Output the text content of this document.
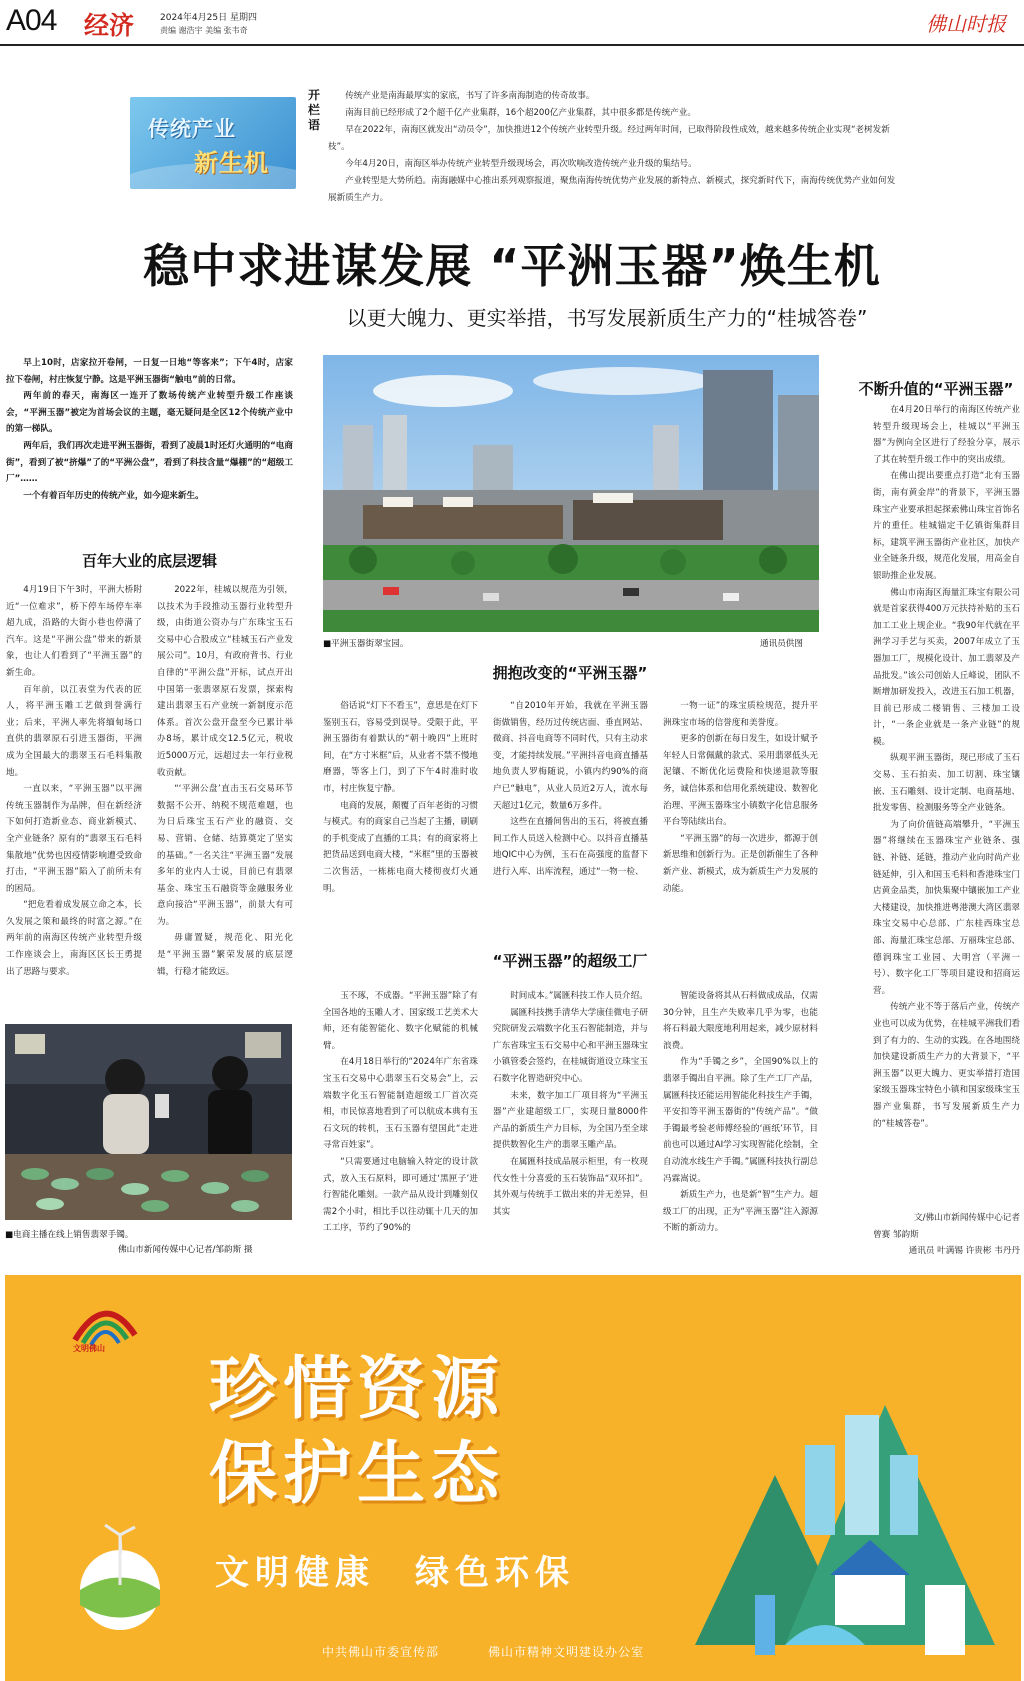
A04 经济	2024年4月25日 星期四
责编 谢浩宇 美编 张韦奇	佛山时报
传统产业
新生机
开栏语

传统产业是南海最厚实的家底，书写了许多南海制造的传奇故事。

南海目前已经形成了2个超千亿产业集群，16个超200亿产业集群，其中很多都是传统产业。

早在2022年，南海区就发出“动员令”，加快推进12个传统产业转型升级。经过两年时间，已取得阶段性成效，越来越多传统企业实现“老树发新枝”。

今年4月20日，南海区举办传统产业转型升级现场会，再次吹响改造传统产业升级的集结号。

产业转型是大势所趋。南海融媒中心推出系列观察报道，聚焦南海传统优势产业发展的新特点、新模式，探究新时代下，南海传统优势产业如何发展新质生产力。

稳中求进谋发展 “平洲玉器”焕生机
以更大魄力、更实举措，书写发展新质生产力的“桂城答卷”

早上10时，店家拉开卷闸，一日复一日地“等客来”；下午4时，店家拉下卷闸，村庄恢复宁静。这是平洲玉器街“触电”前的日常。

两年前的春天，南海区一连开了数场传统产业转型升级工作座谈会，“平洲玉器”被定为首场会议的主题，毫无疑问是全区12个传统产业中的第一梯队。

两年后，我们再次走进平洲玉器街，看到了凌晨1时还灯火通明的“电商街”，看到了被“挤爆”了的“平洲公盘”，看到了科技含量“爆棚”的“超级工厂”……

一个有着百年历史的传统产业，如今迎来新生。

百年大业的底层逻辑

4月19日下午3时，平洲大桥附近“一位难求”，桥下停车场停车率超九成，沿路的大街小巷也停满了汽车。这是“平洲公盘”带来的新景象，也让人们看到了“平洲玉器”的新生命。

百年前，以江表堂为代表的匠人，将平洲玉雕工艺做到誉满行业；后来，平洲人率先将缅甸场口直供的翡翠原石引进玉器街，平洲成为全国最大的翡翠玉石毛料集散地。

一直以来，“平洲玉器”以平洲传统玉器制作为品牌，但在新经济下如何打造新业态、商业新模式、全产业链条？原有的“翡翠玉石毛料集散地”优势也因疫情影响遭受致命打击，“平洲玉器”陷入了前所未有的困局。

“把危看着成发展立命之本，长久发展之策和最终的时富之源。”在两年前的南海区传统产业转型升级工作座谈会上，南海区区长王勇提出了思路与要求。

2022年，桂城以规范为引领，以技术为手段推动玉器行业转型升级，由街道公资办与广东珠宝玉石交易中心合股成立“桂城玉石产业发展公司”。10月，有政府背书、行业自律的“平洲公盘”开标，试点开出中国第一张翡翠原石发票，探索构建出翡翠玉石产业统一新制度示范体系。首次公盘开盘至今已累计举办8场，累计成交12.5亿元，税收近5000万元，远超过去一年行业税收贡献。

“‘平洲公盘’直击玉石交易环节数据不公开、纳税不规范难题，也为日后珠宝玉石产业的融资、交易、营销、仓储、结算奠定了坚实的基础。”一名关注“平洲玉器”发展多年的业内人士说，目前已有翡翠基金、珠宝玉石融资等金融服务业意向接洽“平洲玉器”，前景大有可为。

毋庸置疑，规范化、阳光化是“平洲玉器”繁荣发展的底层逻辑，行稳才能致远。

■平洲玉器街翠宝园。	通讯员供图
拥抱改变的“平洲玉器”

俗话说“灯下不看玉”，意思是在灯下鉴别玉石，容易受到误导。受限于此，平洲玉器街有着默认的“朝十晚四”上班时间，在“方寸米框”后，从业者不禁不慢地磨器，等客上门，到了下午4时准时收市，村庄恢复宁静。

电商的发展，颠覆了百年老街的习惯与模式。有的商家自己当起了主播，刷刷的手机变成了直播的工具；有的商家将上把货品送到电商大楼，“米框”里的玉器被二次售活，一栋栋电商大楼彻夜灯火通明。

“自2010年开始，我就在平洲玉器街做销售，经历过传统店面、垂直网站、微商、抖音电商等不同时代，只有主动求变，才能持续发展。”平洲抖音电商直播基地负责人罗梅随说，小镇内约90%的商户已“触电”，从业人员近2万人，流水每天超过1亿元，数量6万多件。

这些在直播间售出的玉石，将被直播间工作人员送入检测中心。以抖音直播基地QIC中心为例，玉石在高强度的监督下进行入库、出库流程，通过“一物一检、

一物一证”的珠宝质检规范，提升平洲珠宝市场的信誉度和美誉度。

更多的创新在每日发生，如设计赋予年轻人日常佩戴的款式、采用翡翠低头无泥镶、不断优化运费险和快递退款等服务，诚信体系和信用化系统建设、数智化治理、平洲玉器珠宝小镇数字化信息服务平台等陆续出台。

“平洲玉器”的每一次进步，都源于创新思维和创新行为。正是创新催生了各种新产业、新模式，成为新质生产力发展的动能。

“平洲玉器”的超级工厂

玉不琢，不成器。“平洲玉器”除了有全国各地的玉雕人才、国家级工艺美术大师，还有能智能化、数字化赋能的机械臂。

在4月18日举行的“2024年广东省珠宝玉石交易中心翡翠玉石交易会”上，云端数字化玉石智能制造超级工厂首次亮相，市民惊喜地看到了可以航成本典有玉石文玩的转机，玉石玉器有望国此“走进寻常百姓家”。

“只需要通过电脑输入特定的设计款式，放入玉石原料，即可通过‘黑匣子’进行智能化雕刻。一款产品从设计到雕刻仅需2个小时，相比手以往动辄十几天的加工工序，节约了90%的

时间成本。”属匯科技工作人员介绍。

属匯科技携手清华大学康佳微电子研究院研发云端数字化玉石智能制造，并与广东省珠宝玉石交易中心和平洲玉器珠宝小镇管委会签约，在桂城街道设立珠宝玉石数字化智造研究中心。

未来，数字加工厂项目将为“平洲玉器”产业建超级工厂，实现日量8000件产品的新质生产力目标，为全国乃至全球提供数智化生产的翡翠玉雕产品。

在属匯科技成品展示柜里，有一枚现代女性十分喜爱的玉石装饰品“双环扣”。其外观与传统手工做出来的并无差异，但其实

智能设备将其从石料做成成品，仅需30分钟，且生产失败率几乎为零，也能将石料最大限度地利用起来，减少原材料浪费。

作为“手镯之乡”，全国90%以上的翡翠手镯出自平洲。除了生产工厂产品，属匯科技还能运用智能化科技生产手镯，平安扣等平洲玉器街的“传统产品”。“做手镯最考验老师傅经验的‘画纸’环节，目前也可以通过AI学习实现智能化绘制，全自动流水线生产手镯。”属匯科技执行副总冯霖嵩说。

新质生产力，也是新“智”生产力。超级工厂的出现，正为“平洲玉器”注入源源不断的新动力。

■电商主播在线上销售翡翠手镯。
佛山市新闻传媒中心记者/邹韵斯 摄
不断升值的“平洲玉器”

在4月20日举行的南海区传统产业转型升级现场会上，桂城以“平洲玉器”为例向全区进行了经验分享，展示了其在转型升级工作中的突出成绩。

在佛山提出要重点打造“北有玉器街，南有黄金岸”的背景下，平洲玉器珠宝产业要承担起探索佛山珠宝首饰名片的重任。桂城锚定千亿镇街集群目标，建筑平洲玉器街产业社区，加快产业全链条升级，规范化发展，用高金自银助推企业发展。

佛山市南海区海量汇珠宝有限公司就是首家获得400万元扶持补贴的玉石加工工业上规企业。“我90年代就在平洲学习手艺与买卖，2007年成立了玉器加工厂，规模化设计、加工翡翠及产品批发。”该公司创始人丘峰说，团队不断增加研发投入，改进玉石加工机器，目前已形成二楼销售、三楼加工设计，“一条企业就是一条产业链”的规模。

纵观平洲玉器街，现已形成了玉石交易、玉石拍卖、加工切割、珠宝镶嵌、玉石雕刻、设计定制、电商基地、批发零售、检测服务等全产业链条。

为了向价值链高端攀升，“平洲玉器”将继续在玉器珠宝产业链条、强链、补链、延链，推动产业向时尚产业链延伸，引入和国玉毛料和香港珠宝门店黄金品类，加快集聚中镶嵌加工产业大楼建设，加快推进粤港澳大湾区翡翠珠宝交易中心总部、广东桂西珠宝总部、海量汇珠宝总部、万丽珠宝总部、德润珠宝工业园、大明宫（平洲一号）、数字化工厂等项目建设和招商运营。

传统产业不等于落后产业，传统产业也可以成为优势，在桂城平洲我们看到了有力的、生动的实践。在各地围绕加快建设新质生产力的大背景下，“平洲玉器”以更大魄力、更实举措打造国家级玉器珠宝特色小镇和国家级珠宝玉器产业集群，书写发展新质生产力的“桂城答卷”。

文/佛山市新闻传媒中心记者
曾赛 邹韵斯
通讯员 叶满锡 许贵彬 韦丹丹
文明佛山
珍惜资源
保护生态
文明健康 绿色环保
中共佛山市委宣传部	佛山市精神文明建设办公室
